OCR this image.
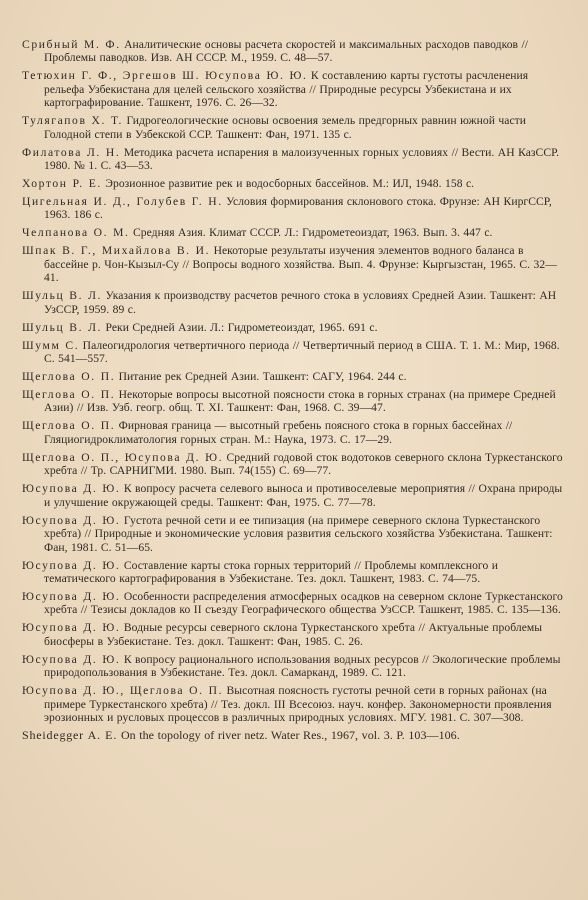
Срибный М. Ф. Аналитические основы расчета скоростей и максимальных расходов паводков // Проблемы паводков. Изв. АН СССР. М., 1959. С. 48—57.

Тетюхин Г. Ф., Эргешов Ш. Юсупова Ю. Ю. К составлению карты густоты расчленения рельефа Узбекистана для целей сельского хозяйства // Природные ресурсы Узбекистана и их картографирование. Ташкент, 1976. С. 26—32.

Тулягапов Х. Т. Гидрогеологические основы освоения земель предгорных равнин южной части Голодной степи в Узбекской ССР. Ташкент: Фан, 1971. 135 с.

Филатова Л. Н. Методика расчета испарения в малоизученных горных условиях // Вести. АН КазССР. 1980. № 1. С. 43—53.

Хортон Р. Е. Эрозионное развитие рек и водосборных бассейнов. М.: ИЛ, 1948. 158 с.

Цигельная И. Д., Голубев Г. Н. Условия формирования склонового стока. Фрунзе: АН КиргССР, 1963. 186 с.

Челпанова О. М. Средняя Азия. Климат СССР. Л.: Гидрометеоиздат, 1963. Вып. 3. 447 с.

Шпак В. Г., Михайлова В. И. Некоторые результаты изучения элементов водного баланса в бассейне р. Чон-Кызыл-Су // Вопросы водного хозяйства. Вып. 4. Фрунзе: Кыргызстан, 1965. С. 32—41.

Шульц В. Л. Указания к производству расчетов речного стока в условиях Средней Азии. Ташкент: АН УзССР, 1959. 89 с.

Шульц В. Л. Реки Средней Азии. Л.: Гидрометеоиздат, 1965. 691 с.

Шумм С. Палеогидрология четвертичного периода // Четвертичный период в США. Т. 1. М.: Мир, 1968. С. 541—557.

Щеглова О. П. Питание рек Средней Азии. Ташкент: САГУ, 1964. 244 с.

Щеглова О. П. Некоторые вопросы высотной поясности стока в горных странах (на примере Средней Азии) // Изв. Узб. геогр. общ. Т. XI. Ташкент: Фан, 1968. С. 39—47.

Щеглова О. П. Фирновая граница — высотный гребень поясного стока в горных бассейнах // Гляциогидроклиматология горных стран. М.: Наука, 1973. С. 17—29.

Щеглова О. П., Юсупова Д. Ю. Средний годовой сток водотоков северного склона Туркестанского хребта // Тр. САРНИГМИ. 1980. Вып. 74(155) С. 69—77.

Юсупова Д. Ю. К вопросу расчета селевого выноса и противоселевые мероприятия // Охрана природы и улучшение окружающей среды. Ташкент: Фан, 1975. С. 77—78.

Юсупова Д. Ю. Густота речной сети и ее типизация (на примере северного склона Туркестанского хребта) // Природные и экономические условия развития сельского хозяйства Узбекистана. Ташкент: Фан, 1981. С. 51—65.

Юсупова Д. Ю. Составление карты стока горных территорий // Проблемы комплексного и тематического картографирования в Узбекистане. Тез. докл. Ташкент, 1983. С. 74—75.

Юсупова Д. Ю. Особенности распределения атмосферных осадков на северном склоне Туркестанского хребта // Тезисы докладов ко II съезду Географического общества УзССР. Ташкент, 1985. С. 135—136.

Юсупова Д. Ю. Водные ресурсы северного склона Туркестанского хребта // Актуальные проблемы биосферы в Узбекистане. Тез. докл. Ташкент: Фан, 1985. С. 26.

Юсупова Д. Ю. К вопросу рационального использования водных ресурсов // Экологические проблемы природопользования в Узбекистане. Тез. докл. Самарканд, 1989. С. 121.

Юсупова Д. Ю., Щеглова О. П. Высотная поясность густоты речной сети в горных районах (на примере Туркестанского хребта) // Тез. докл. III Всесоюз. науч. конфер. Закономерности проявления эрозионных и русловых процессов в различных природных условиях. МГУ. 1981. С. 307—308.

Sheidegger A. E. On the topology of river netz. Water Res., 1967, vol. 3. P. 103—106.
